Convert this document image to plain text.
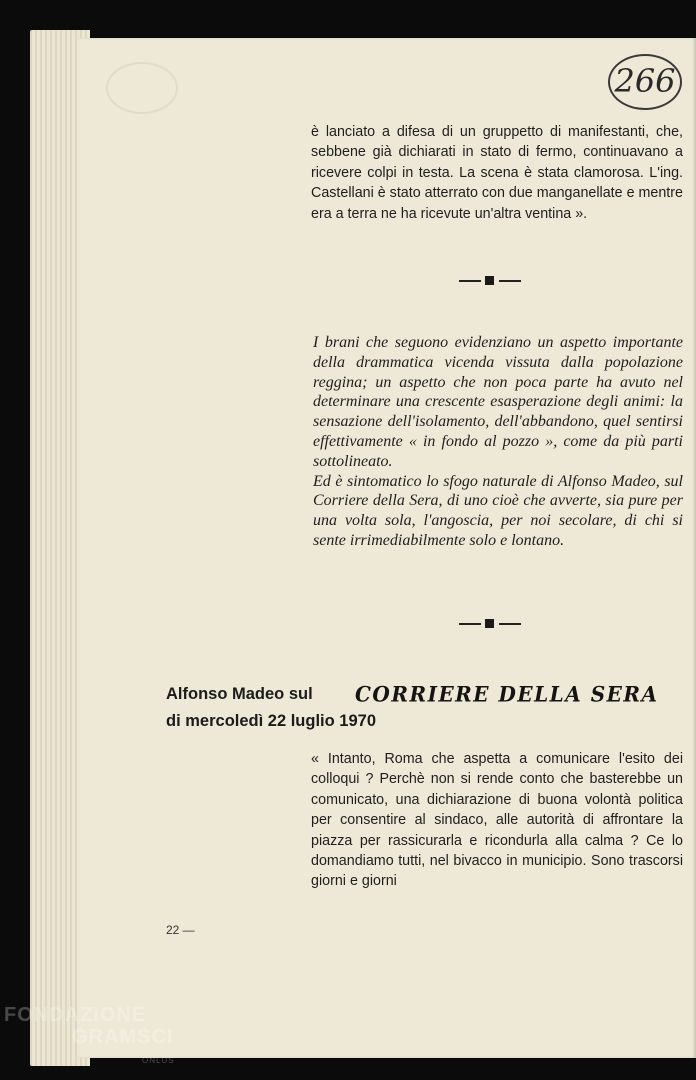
266

è lanciato a difesa di un gruppetto di manifestanti, che, sebbene già dichiarati in stato di fermo, continuavano a ricevere colpi in testa. La scena è stata clamorosa. L'ing. Castellani è stato atterrato con due manganellate e mentre era a terra ne ha ricevute un'altra ventina ».

I brani che seguono evidenziano un aspetto importante della drammatica vicenda vissuta dalla popolazione reggina; un aspetto che non poca parte ha avuto nel determinare una crescente esasperazione degli animi: la sensazione dell'isolamento, dell'abbandono, quel sentirsi effettivamente « in fondo al pozzo », come da più parti sottolineato.

Ed è sintomatico lo sfogo naturale di Alfonso Madeo, sul Corriere della Sera, di uno cioè che avverte, sia pure per una volta sola, l'angoscia, per noi secolare, di chi si sente irrimediabilmente solo e lontano.

Alfonso Madeo sul CORRIERE DELLA SERA
di mercoledì 22 luglio 1970

« Intanto, Roma che aspetta a comunicare l'esito dei colloqui ? Perchè non si rende conto che basterebbe un comunicato, una dichiarazione di buona volontà politica per consentire al sindaco, alle autorità di affrontare la piazza per rassicurarla e ricondurla alla calma ? Ce lo domandiamo tutti, nel bivacco in municipio. Sono trascorsi giorni e giorni

22 —
FONDAZIONE
GRAMSCI
ONLUS
